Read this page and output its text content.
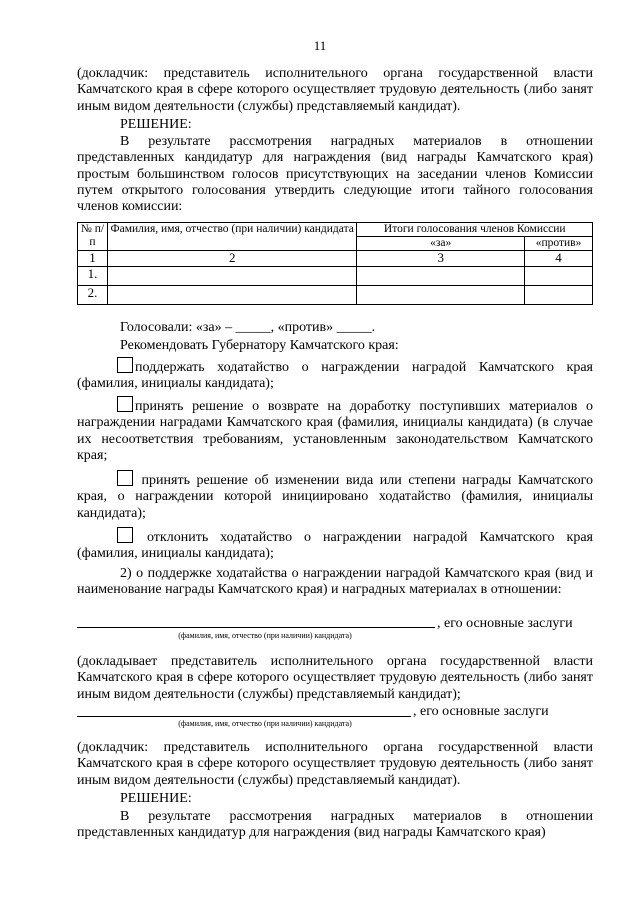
11
(докладчик: представитель исполнительного органа государственной власти Камчатского края в сфере которого осуществляет трудовую деятельность (либо занят иным видом деятельности (службы) представляемый кандидат).
РЕШЕНИЕ:
В результате рассмотрения наградных материалов в отношении представленных кандидатур для награждения (вид награды Камчатского края) простым большинством голосов присутствующих на заседании членов Комиссии путем открытого голосования утвердить следующие итоги тайного голосования членов комиссии:
№ п/п	Фамилия, имя, отчество (при наличии) кандидата	Итоги голосования членов Комиссии	
		«за»	«против»
1	2	3	4
1.			
2.			
Голосовали: «за» – _____, «против» _____.
Рекомендовать Губернатору Камчатского края:
поддержать ходатайство о награждении наградой Камчатского края (фамилия, инициалы кандидата);
принять решение о возврате на доработку поступивших материалов о награждении наградами Камчатского края (фамилия, инициалы кандидата) (в случае их несоответствия требованиям, установленным законодательством Камчатского края;
принять решение об изменении вида или степени награды Камчатского края, о награждении которой инициировано ходатайство (фамилия, инициалы кандидата);
отклонить ходатайство о награждении наградой Камчатского края (фамилия, инициалы кандидата);
2) о поддержке ходатайства о награждении наградой Камчатского края (вид и наименование награды Камчатского края) и наградных материалах в отношении:
, его основные заслуги
(фамилия, имя, отчество (при наличии) кандидата)
(докладывает представитель исполнительного органа государственной власти Камчатского края в сфере которого осуществляет трудовую деятельность (либо занят иным видом деятельности (службы) представляемый кандидат);
, его основные заслуги
(фамилия, имя, отчество (при наличии) кандидата)
(докладчик: представитель исполнительного органа государственной власти Камчатского края в сфере которого осуществляет трудовую деятельность (либо занят иным видом деятельности (службы) представляемый кандидат).
РЕШЕНИЕ:
В результате рассмотрения наградных материалов в отношении представленных кандидатур для награждения (вид награды Камчатского края)
